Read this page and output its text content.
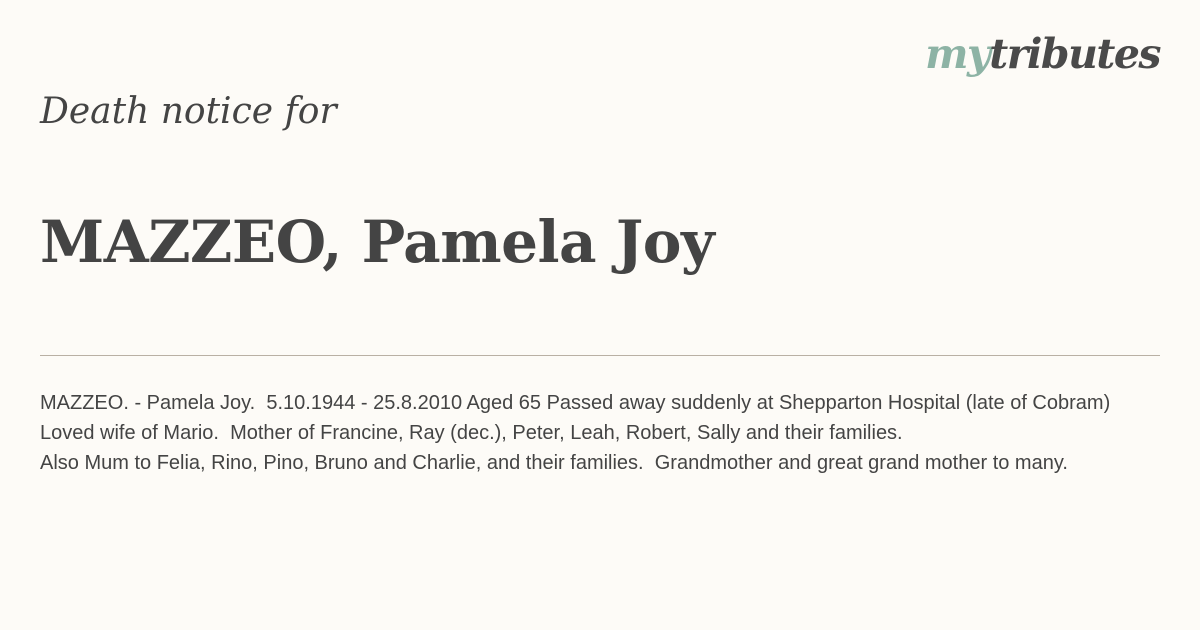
mytributes
Death notice for
MAZZEO, Pamela Joy

MAZZEO. - Pamela Joy.  5.10.1944 - 25.8.2010 Aged 65 Passed away suddenly at Shepparton Hospital (late of Cobram) Loved wife of Mario.  Mother of Francine, Ray (dec.), Peter, Leah, Robert, Sally and their families.
Also Mum to Felia, Rino, Pino, Bruno and Charlie, and their families.  Grandmother and great grand mother to many.
